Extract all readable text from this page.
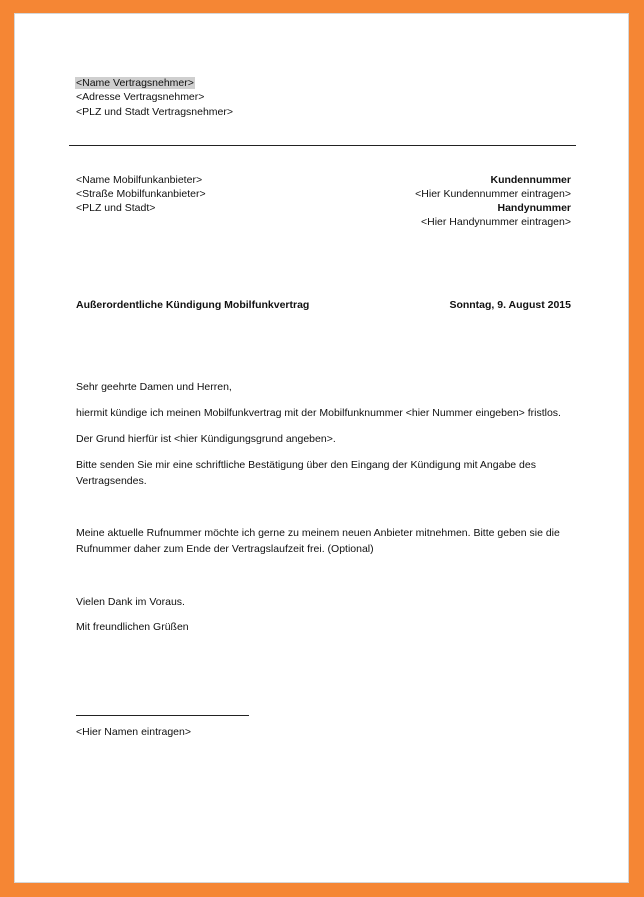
<Name Vertragsnehmer>
<Adresse Vertragsnehmer>
<PLZ und Stadt Vertragsnehmer>
<Name Mobilfunkanbieter>
<Straße Mobilfunkanbieter>
<PLZ und Stadt>
Kundennummer
<Hier Kundennummer eintragen>
Handynummer
<Hier Handynummer eintragen>
Außerordentliche Kündigung Mobilfunkvertrag	Sonntag, 9. August 2015
Sehr geehrte Damen und Herren,
hiermit kündige ich meinen Mobilfunkvertrag mit der Mobilfunknummer <hier Nummer eingeben> fristlos.
Der Grund hierfür ist <hier Kündigungsgrund angeben>.
Bitte senden Sie mir eine schriftliche Bestätigung über den Eingang der Kündigung mit Angabe des Vertragsendes.
Meine aktuelle Rufnummer möchte ich gerne zu meinem neuen Anbieter mitnehmen. Bitte geben sie die Rufnummer daher zum Ende der Vertragslaufzeit frei. (Optional)
Vielen Dank im Voraus.
Mit freundlichen Grüßen
<Hier Namen eintragen>
